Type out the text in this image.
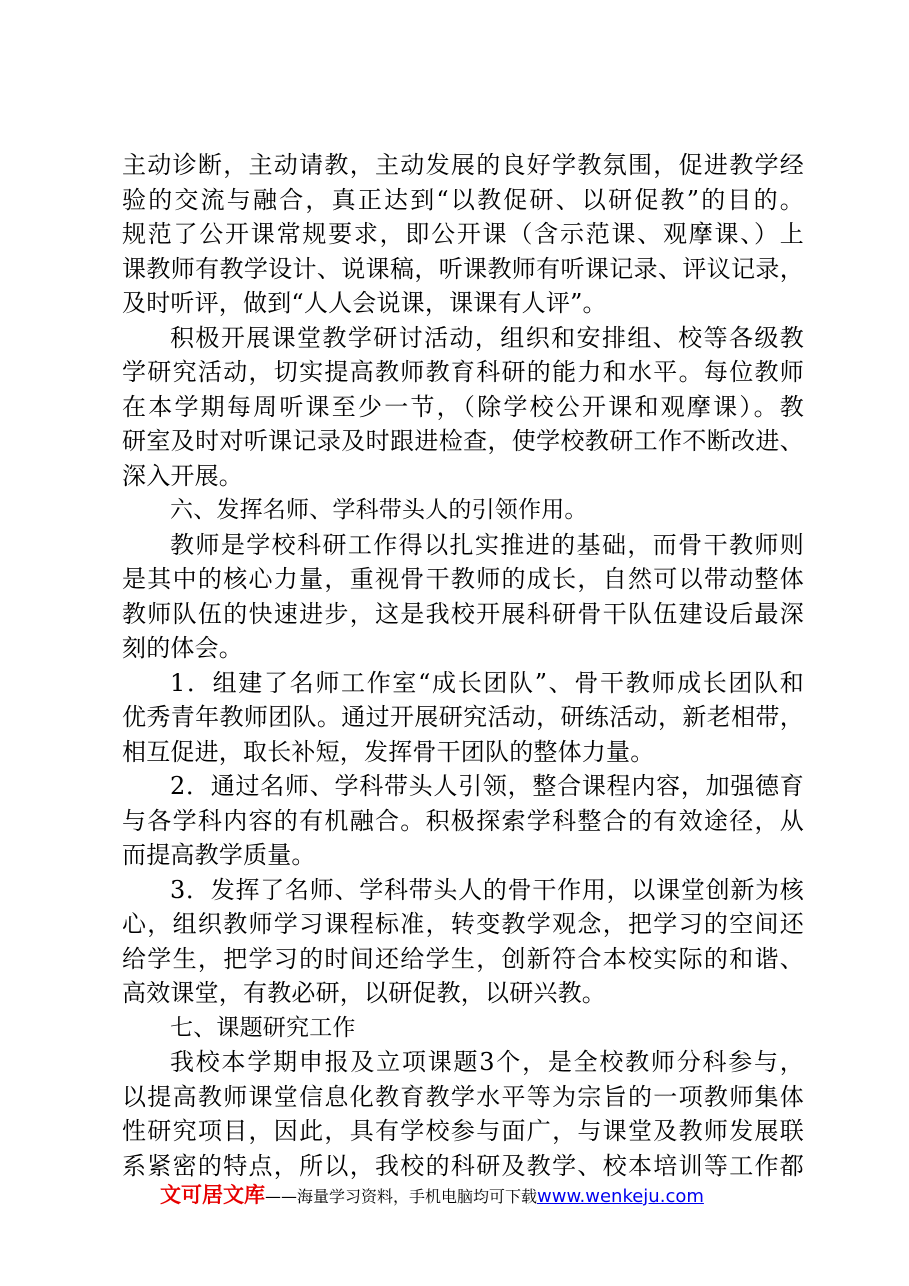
主动诊断，主动请教，主动发展的良好学教氛围，促进教学经
验的交流与融合，真正达到“以教促研、以研促教”的目的。
规范了公开课常规要求，即公开课（含示范课、观摩课、）上
课教师有教学设计、说课稿，听课教师有听课记录、评议记录，
及时听评，做到“人人会说课，课课有人评”。
积极开展课堂教学研讨活动，组织和安排组、校等各级教
学研究活动，切实提高教师教育科研的能力和水平。每位教师
在本学期每周听课至少一节，（除学校公开课和观摩课）。教
研室及时对听课记录及时跟进检查，使学校教研工作不断改进、
深入开展。
六、发挥名师、学科带头人的引领作用。
教师是学校科研工作得以扎实推进的基础，而骨干教师则
是其中的核心力量，重视骨干教师的成长，自然可以带动整体
教师队伍的快速进步，这是我校开展科研骨干队伍建设后最深
刻的体会。
1．组建了名师工作室“成长团队”、骨干教师成长团队和
优秀青年教师团队。通过开展研究活动，研练活动，新老相带，
相互促进，取长补短，发挥骨干团队的整体力量。
2．通过名师、学科带头人引领，整合课程内容，加强德育
与各学科内容的有机融合。积极探索学科整合的有效途径，从
而提高教学质量。
3．发挥了名师、学科带头人的骨干作用，以课堂创新为核
心，组织教师学习课程标准，转变教学观念，把学习的空间还
给学生，把学习的时间还给学生，创新符合本校实际的和谐、
高效课堂，有教必研，以研促教，以研兴教。
七、课题研究工作
我校本学期申报及立项课题3个，是全校教师分科参与，
以提高教师课堂信息化教育教学水平等为宗旨的一项教师集体
性研究项目，因此，具有学校参与面广，与课堂及教师发展联
系紧密的特点，所以，我校的科研及教学、校本培训等工作都
文可居文库——海量学习资料，手机电脑均可下载www.wenkeju.com
